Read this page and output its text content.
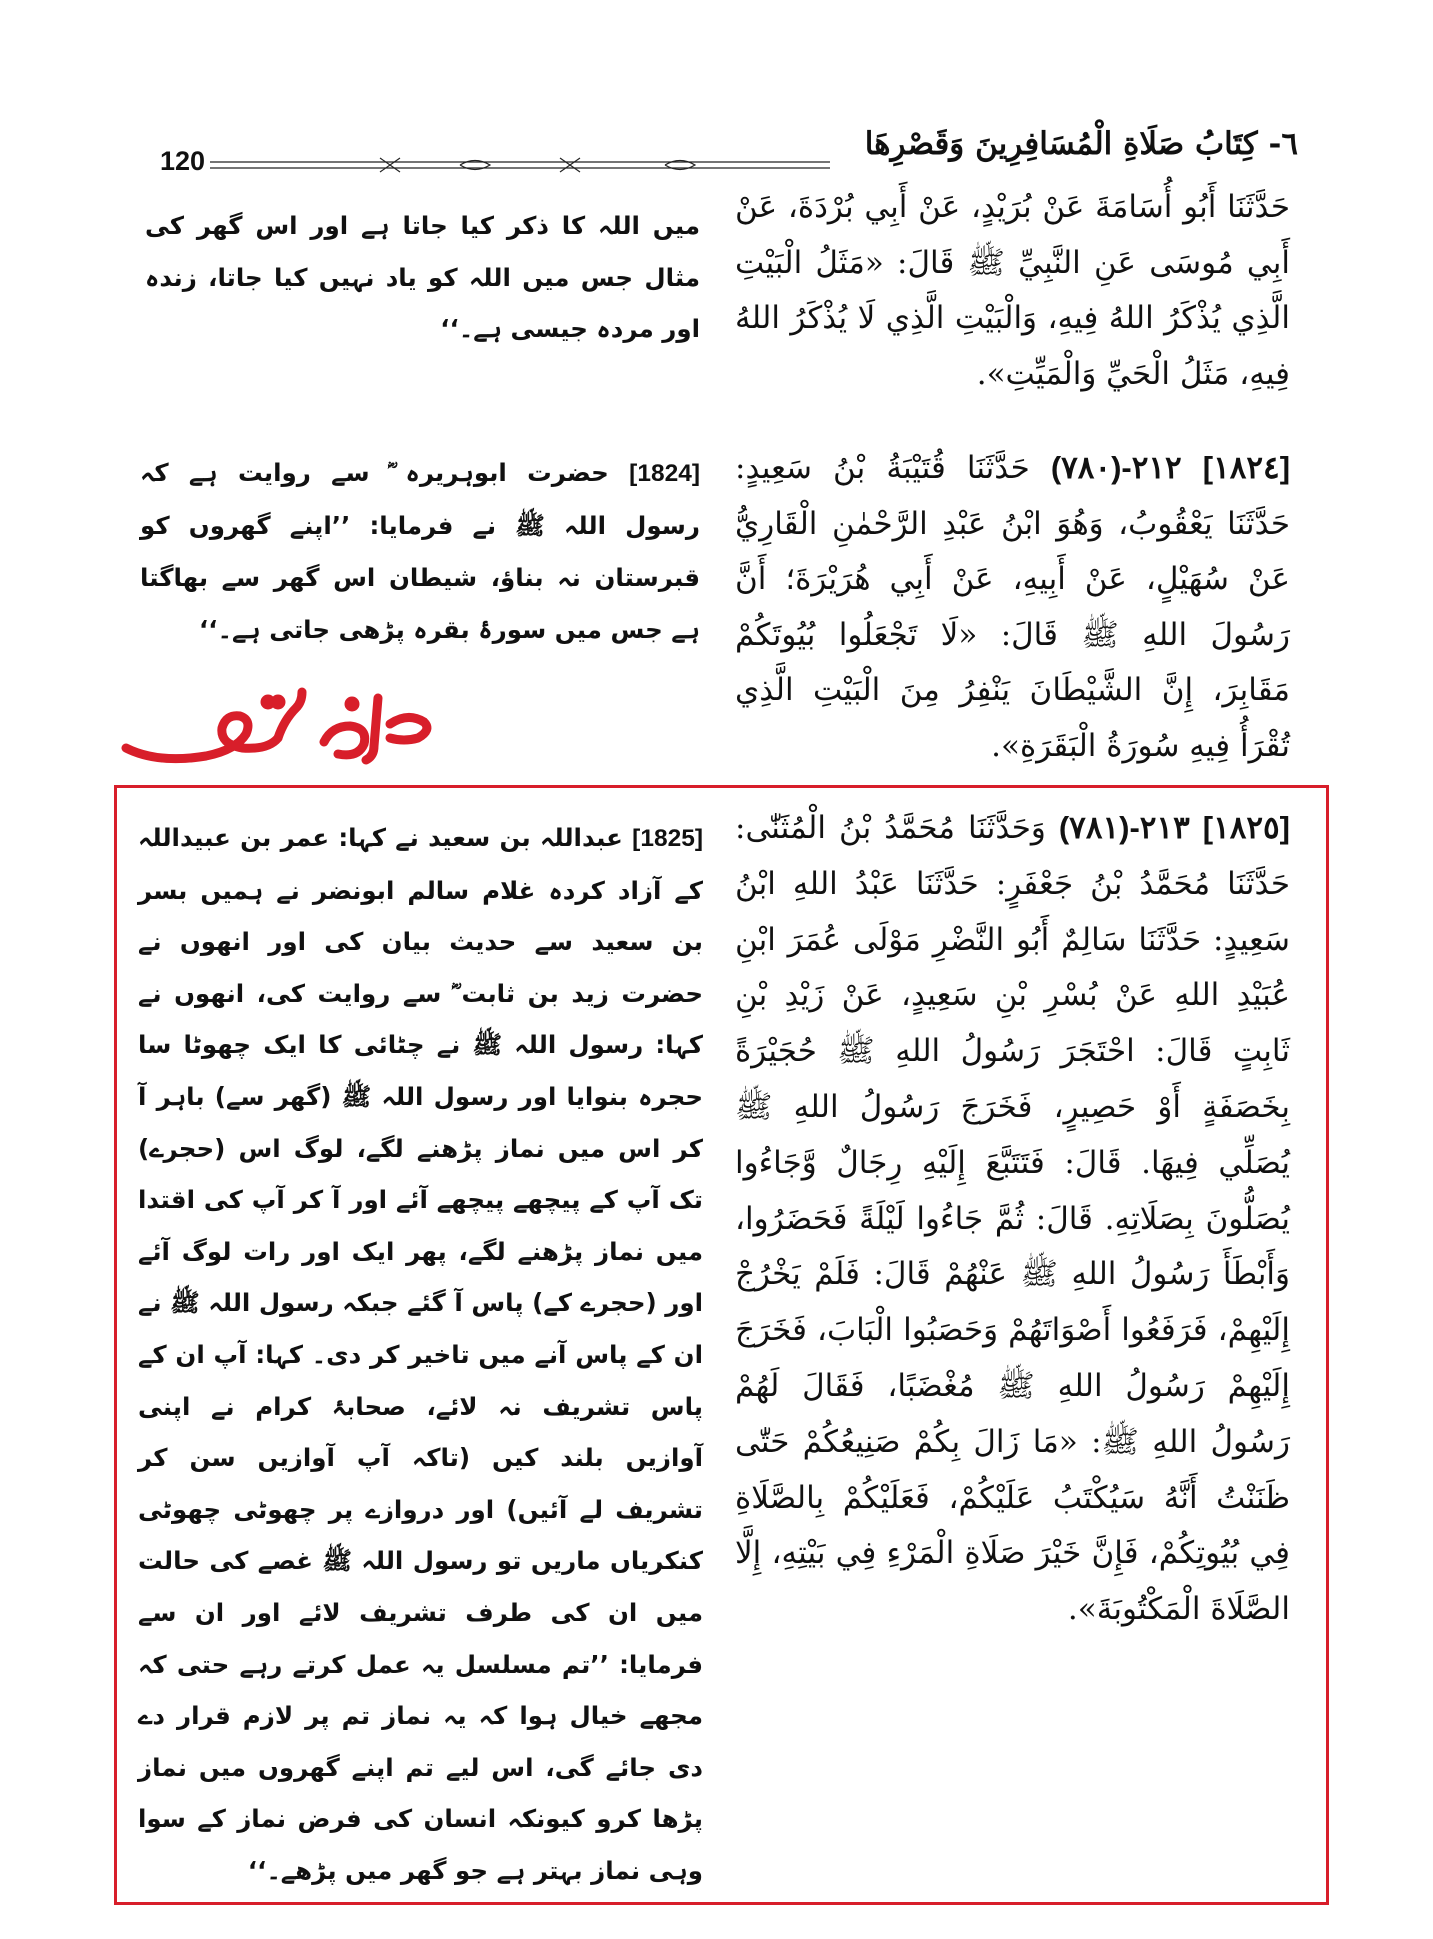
120	٦- كِتَابُ صَلَاةِ الْمُسَافِرِينَ وَقَصْرِهَا
حَدَّثَنَا أَبُو أُسَامَةَ عَنْ بُرَيْدٍ، عَنْ أَبِي بُرْدَةَ، عَنْ أَبِي مُوسَى عَنِ النَّبِيِّ ﷺ قَالَ: «مَثَلُ الْبَيْتِ الَّذِي يُذْكَرُ اللهُ فِيهِ، وَالْبَيْتِ الَّذِي لَا يُذْكَرُ اللهُ فِيهِ، مَثَلُ الْحَيِّ وَالْمَيِّتِ».
میں اللہ کا ذکر کیا جاتا ہے اور اس گھر کی مثال جس میں اللہ کو یاد نہیں کیا جاتا، زندہ اور مردہ جیسی ہے۔‘‘
[١٨٢٤] ٢١٢-(٧٨٠) حَدَّثَنَا قُتَيْبَةُ بْنُ سَعِيدٍ: حَدَّثَنَا يَعْقُوبُ، وَهُوَ ابْنُ عَبْدِ الرَّحْمٰنِ الْقَارِيُّ عَنْ سُهَيْلٍ، عَنْ أَبِيهِ، عَنْ أَبِي هُرَيْرَةَ؛ أَنَّ رَسُولَ اللهِ ﷺ قَالَ: «لَا تَجْعَلُوا بُيُوتَكُمْ مَقَابِرَ، إِنَّ الشَّيْطَانَ يَنْفِرُ مِنَ الْبَيْتِ الَّذِي تُقْرَأُ فِيهِ سُورَةُ الْبَقَرَةِ».
[1824] حضرت ابوہریرہ ؓ سے روایت ہے کہ رسول اللہ ﷺ نے فرمایا: ’’اپنے گھروں کو قبرستان نہ بناؤ، شیطان اس گھر سے بھاگتا ہے جس میں سورۂ بقرہ پڑھی جاتی ہے۔‘‘
[١٨٢٥] ٢١٣-(٧٨١) وَحَدَّثَنَا مُحَمَّدُ بْنُ الْمُثَنّٰى: حَدَّثَنَا مُحَمَّدُ بْنُ جَعْفَرٍ: حَدَّثَنَا عَبْدُ اللهِ ابْنُ سَعِيدٍ: حَدَّثَنَا سَالِمٌ أَبُو النَّضْرِ مَوْلَى عُمَرَ ابْنِ عُبَيْدِ اللهِ عَنْ بُسْرِ بْنِ سَعِيدٍ، عَنْ زَيْدِ بْنِ ثَابِتٍ قَالَ: احْتَجَرَ رَسُولُ اللهِ ﷺ حُجَيْرَةً بِخَصَفَةٍ أَوْ حَصِيرٍ، فَخَرَجَ رَسُولُ اللهِ ﷺ يُصَلِّي فِيهَا. قَالَ: فَتَتَبَّعَ إِلَيْهِ رِجَالٌ وَّجَاءُوا يُصَلُّونَ بِصَلَاتِهِ. قَالَ: ثُمَّ جَاءُوا لَيْلَةً فَحَضَرُوا، وَأَبْطَأَ رَسُولُ اللهِ ﷺ عَنْهُمْ قَالَ: فَلَمْ يَخْرُجْ إِلَيْهِمْ، فَرَفَعُوا أَصْوَاتَهُمْ وَحَصَبُوا الْبَابَ، فَخَرَجَ إِلَيْهِمْ رَسُولُ اللهِ ﷺ مُغْضَبًا، فَقَالَ لَهُمْ رَسُولُ اللهِ ﷺ: «مَا زَالَ بِكُمْ صَنِيعُكُمْ حَتّٰى ظَنَنْتُ أَنَّهُ سَيُكْتَبُ عَلَيْكُمْ، فَعَلَيْكُمْ بِالصَّلَاةِ فِي بُيُوتِكُمْ، فَإِنَّ خَيْرَ صَلَاةِ الْمَرْءِ فِي بَيْتِهِ، إِلَّا الصَّلَاةَ الْمَكْتُوبَةَ».
[1825] عبداللہ بن سعید نے کہا: عمر بن عبیداللہ کے آزاد کردہ غلام سالم ابونضر نے ہمیں بسر بن سعید سے حدیث بیان کی اور انھوں نے حضرت زید بن ثابت ؓ سے روایت کی، انھوں نے کہا: رسول اللہ ﷺ نے چٹائی کا ایک چھوٹا سا حجرہ بنوایا اور رسول اللہ ﷺ (گھر سے) باہر آ کر اس میں نماز پڑھنے لگے، لوگ اس (حجرے) تک آپ کے پیچھے پیچھے آئے اور آ کر آپ کی اقتدا میں نماز پڑھنے لگے، پھر ایک اور رات لوگ آئے اور (حجرے کے) پاس آ گئے جبکہ رسول اللہ ﷺ نے ان کے پاس آنے میں تاخیر کر دی۔ کہا: آپ ان کے پاس تشریف نہ لائے، صحابۂ کرام نے اپنی آوازیں بلند کیں (تاکہ آپ آوازیں سن کر تشریف لے آئیں) اور دروازے پر چھوٹی چھوٹی کنکریاں ماریں تو رسول اللہ ﷺ غصے کی حالت میں ان کی طرف تشریف لائے اور ان سے فرمایا: ’’تم مسلسل یہ عمل کرتے رہے حتی کہ مجھے خیال ہوا کہ یہ نماز تم پر لازم قرار دے دی جائے گی، اس لیے تم اپنے گھروں میں نماز پڑھا کرو کیونکہ انسان کی فرض نماز کے سوا وہی نماز بہتر ہے جو گھر میں پڑھے۔‘‘
